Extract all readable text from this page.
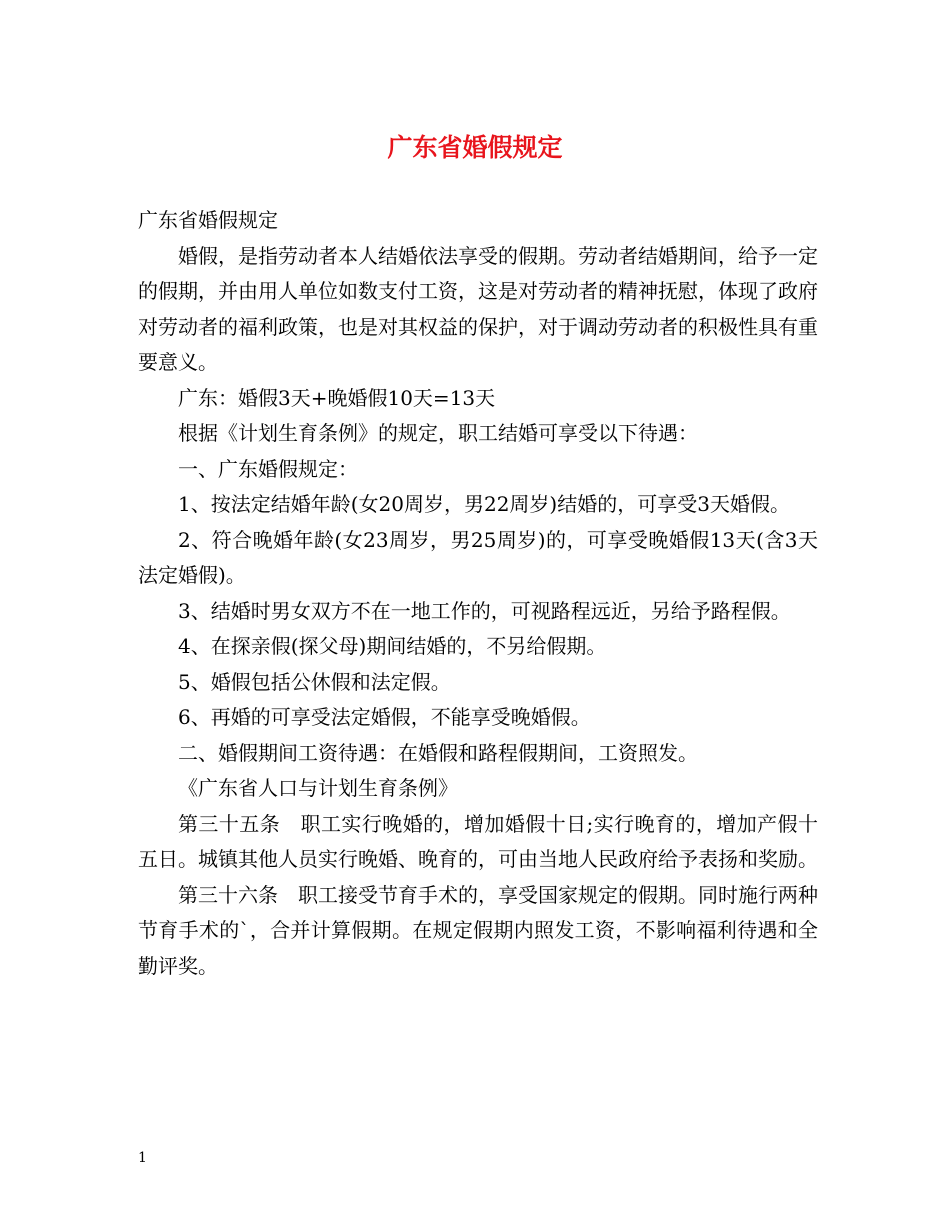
广东省婚假规定

广东省婚假规定

婚假，是指劳动者本人结婚依法享受的假期。劳动者结婚期间，给予一定的假期，并由用人单位如数支付工资，这是对劳动者的精神抚慰，体现了政府对劳动者的福利政策，也是对其权益的保护，对于调动劳动者的积极性具有重要意义。

广东：婚假3天+晚婚假10天=13天

根据《计划生育条例》的规定，职工结婚可享受以下待遇：

一、广东婚假规定：

1、按法定结婚年龄(女20周岁，男22周岁)结婚的，可享受3天婚假。

2、符合晚婚年龄(女23周岁，男25周岁)的，可享受晚婚假13天(含3天法定婚假)。

3、结婚时男女双方不在一地工作的，可视路程远近，另给予路程假。

4、在探亲假(探父母)期间结婚的，不另给假期。

5、婚假包括公休假和法定假。

6、再婚的可享受法定婚假，不能享受晚婚假。

二、婚假期间工资待遇：在婚假和路程假期间，工资照发。

《广东省人口与计划生育条例》

第三十五条　职工实行晚婚的，增加婚假十日;实行晚育的，增加产假十五日。城镇其他人员实行晚婚、晚育的，可由当地人民政府给予表扬和奖励。

第三十六条　职工接受节育手术的，享受国家规定的假期。同时施行两种节育手术的`，合并计算假期。在规定假期内照发工资，不影响福利待遇和全勤评奖。

1
